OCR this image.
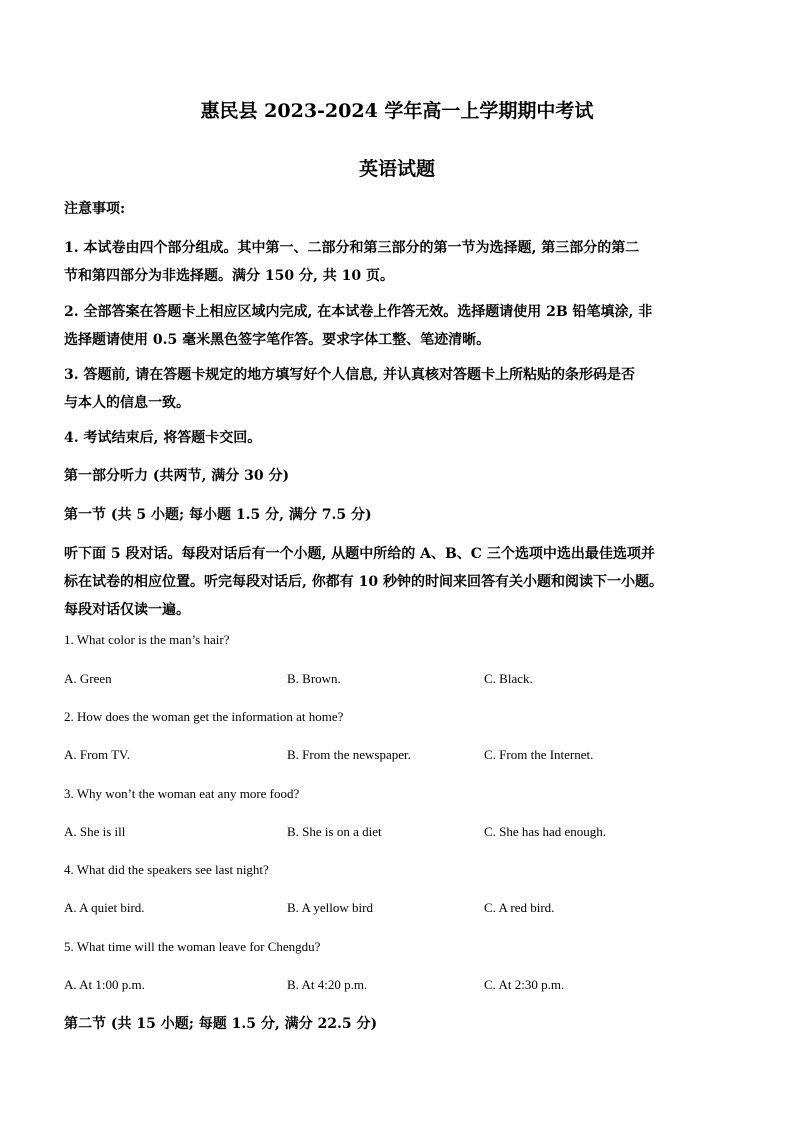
惠民县 2023-2024 学年高一上学期期中考试
英语试题
注意事项:
1. 本试卷由四个部分组成。其中第一、二部分和第三部分的第一节为选择题, 第三部分的第二
节和第四部分为非选择题。满分 150 分, 共 10 页。
2. 全部答案在答题卡上相应区域内完成, 在本试卷上作答无效。选择题请使用 2B 铅笔填涂, 非
选择题请使用 0.5 毫米黑色签字笔作答。要求字体工整、笔迹清晰。
3. 答题前, 请在答题卡规定的地方填写好个人信息, 并认真核对答题卡上所粘贴的条形码是否
与本人的信息一致。
4. 考试结束后, 将答题卡交回。
第一部分听力 (共两节, 满分 30 分)
第一节 (共 5 小题; 每小题 1.5 分, 满分 7.5 分)
听下面 5 段对话。每段对话后有一个小题, 从题中所给的 A、B、C 三个选项中选出最佳选项并
标在试卷的相应位置。听完每段对话后, 你都有 10 秒钟的时间来回答有关小题和阅读下一小题。
每段对话仅读一遍。
1. What color is the man’s hair?
A. Green	B. Brown.	C. Black.
2. How does the woman get the information at home?
A. From TV.	B. From the newspaper.	C. From the Internet.
3. Why won’t the woman eat any more food?
A. She is ill	B. She is on a diet	C. She has had enough.
4. What did the speakers see last night?
A. A quiet bird.	B. A yellow bird	C. A red bird.
5. What time will the woman leave for Chengdu?
A. At 1:00 p.m.	B. At 4:20 p.m.	C. At 2:30 p.m.
第二节 (共 15 小题; 每题 1.5 分, 满分 22.5 分)
